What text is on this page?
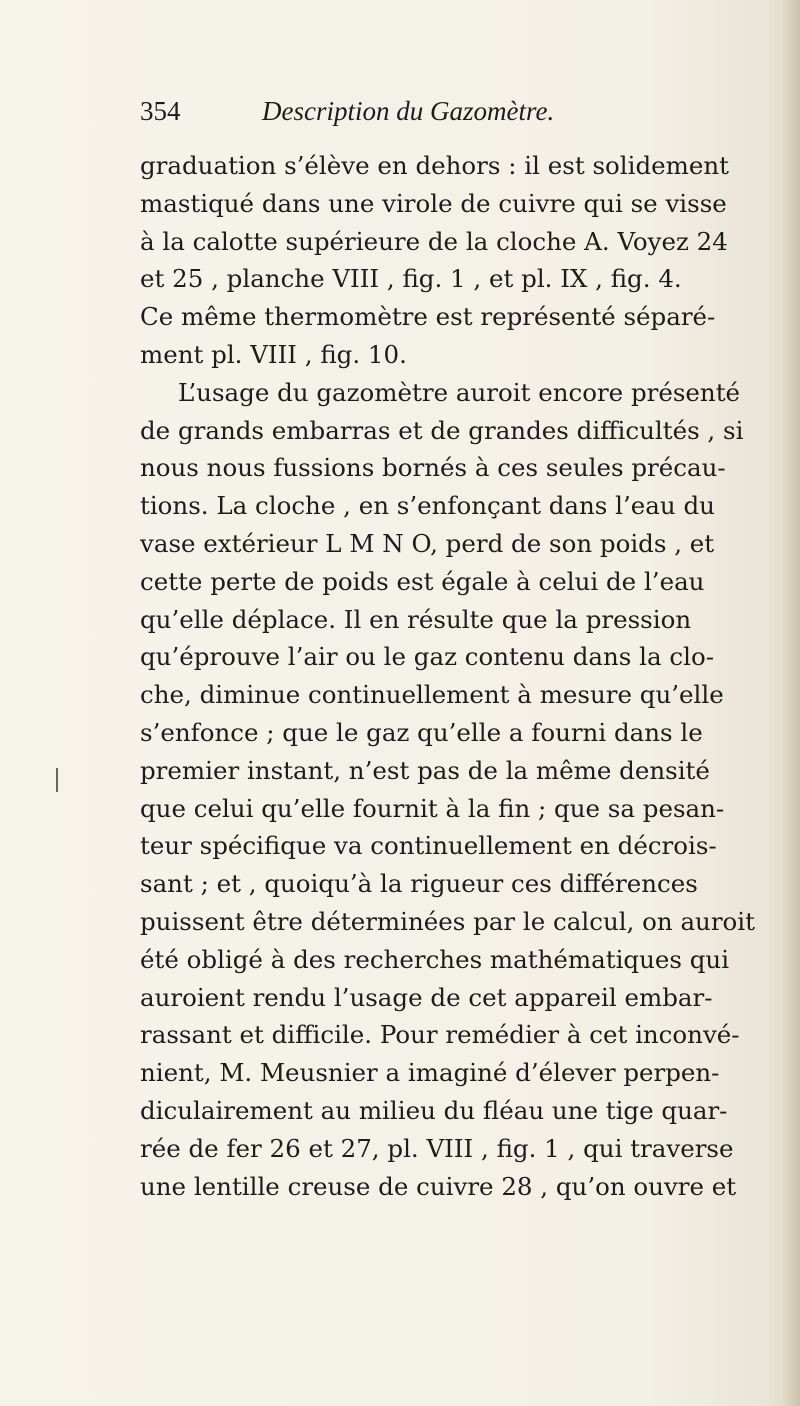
354	Description du Gazomètre.
graduation s’élève en dehors : il est solidement
mastiqué dans une virole de cuivre qui se visse
à la calotte supérieure de la cloche A. Voyez 24
et 25 , planche VIII , fig. 1 , et pl. IX , fig. 4.
Ce même thermomètre est représenté séparé-
ment pl. VIII , fig. 10.
L’usage du gazomètre auroit encore présenté
de grands embarras et de grandes difficultés , si
nous nous fussions bornés à ces seules précau-
tions. La cloche , en s’enfonçant dans l’eau du
vase extérieur L M N O, perd de son poids , et
cette perte de poids est égale à celui de l’eau
qu’elle déplace. Il en résulte que la pression
qu’éprouve l’air ou le gaz contenu dans la clo-
che, diminue continuellement à mesure qu’elle
s’enfonce ; que le gaz qu’elle a fourni dans le
premier instant, n’est pas de la même densité
que celui qu’elle fournit à la fin ; que sa pesan-
teur spécifique va continuellement en décrois-
sant ; et , quoiqu’à la rigueur ces différences
puissent être déterminées par le calcul, on auroit
été obligé à des recherches mathématiques qui
auroient rendu l’usage de cet appareil embar-
rassant et difficile. Pour remédier à cet inconvé-
nient, M. Meusnier a imaginé d’élever perpen-
diculairement au milieu du fléau une tige quar-
rée de fer 26 et 27, pl. VIII , fig. 1 , qui traverse
une lentille creuse de cuivre 28 , qu’on ouvre et
